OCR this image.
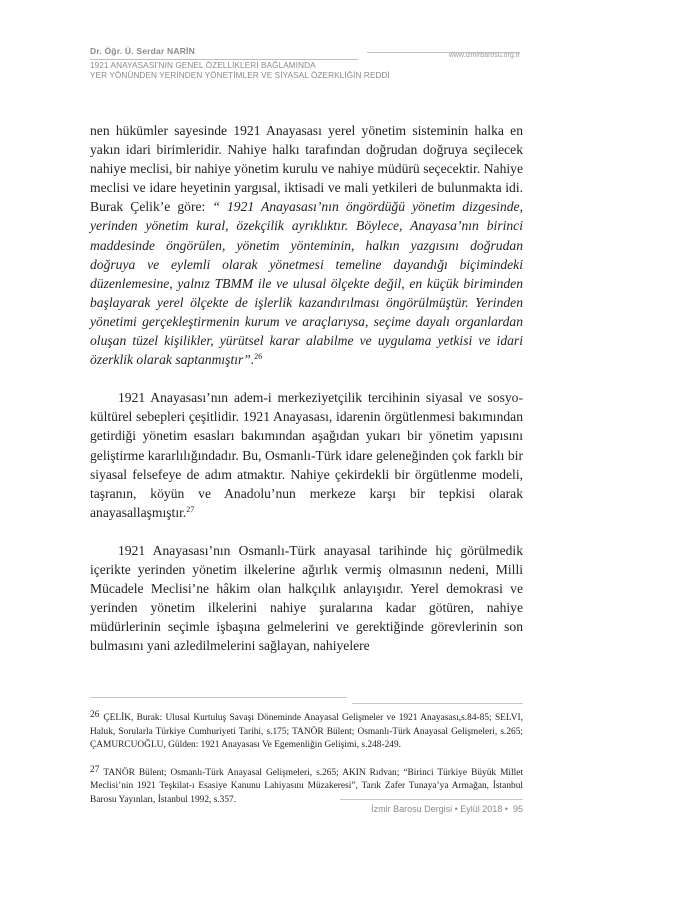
Dr. Öğr. Ü. Serdar NARİN	www.izmirbarosu.org.tr
1921 ANAYASASI’NIN GENEL ÖZELLİKLERİ BAĞLAMINDA
YER YÖNÜNDEN YERİNDEN YÖNETİMLER VE SİYASAL ÖZERKLİĞİN REDDİ

nen hükümler sayesinde 1921 Anayasası yerel yönetim sisteminin halka en yakın idari birimleridir. Nahiye halkı tarafından doğrudan doğruya seçilecek nahiye meclisi, bir nahiye yönetim kurulu ve nahiye müdürü seçecektir. Nahiye meclisi ve idare heyetinin yargısal, iktisadi ve mali yetkileri de bulunmakta idi. Burak Çelik’e göre: “ 1921 Anayasası’nın öngördüğü yönetim dizgesinde, yerinden yönetim kural, özekçilik ayrıklıktır. Böylece, Anayasa’nın birinci maddesinde öngörülen, yönetim yönteminin, halkın yazgısını doğrudan doğruya ve eylemli olarak yönetmesi temeline dayandığı biçimindeki düzenlemesine, yalnız TBMM ile ve ulusal ölçekte değil, en küçük biriminden başlayarak yerel ölçekte de işlerlik kazandırılması öngörülmüştür. Yerinden yönetimi gerçekleştirmenin kurum ve araçlarıysa, seçime dayalı organlardan oluşan tüzel kişilikler, yürütsel karar alabilme ve uygulama yetkisi ve idari özerklik olarak saptanmıştır”.$^{26}$

1921 Anayasası’nın adem-i merkeziyetçilik tercihinin siyasal ve sosyo-kültürel sebepleri çeşitlidir. 1921 Anayasası, idarenin örgütlenmesi bakımından getirdiği yönetim esasları bakımından aşağıdan yukarı bir yönetim yapısını geliştirme kararlılığındadır. Bu, Osmanlı-Türk idare geleneğinden çok farklı bir siyasal felsefeye de adım atmaktır. Nahiye çekirdekli bir örgütlenme modeli, taşranın, köyün ve Anadolu’nun merkeze karşı bir tepkisi olarak anayasallaşmıştır.$^{27}$

1921 Anayasası’nın Osmanlı-Türk anayasal tarihinde hiç görülmedik içerikte yerinden yönetim ilkelerine ağırlık vermiş olmasının nedeni, Milli Mücadele Meclisi’ne hâkim olan halkçılık anlayışıdır. Yerel demokrasi ve yerinden yönetim ilkelerini nahiye şuralarına kadar götüren, nahiye müdürlerinin seçimle işbaşına gelmelerini ve gerektiğinde görevlerinin son bulmasını yani azledilmelerini sağlayan, nahiyelere

26 ÇELİK, Burak: Ulusal Kurtuluş Savaşı Döneminde Anayasal Gelişmeler ve 1921 Anayasası,s.84-85; SELVI, Haluk, Sorularla Türkiye Cumhuriyeti Tarihi, s.175; TANÖR Bülent; Osmanlı-Türk Anayasal Gelişmeleri, s.265; ÇAMURCUOĞLU, Gülden: 1921 Anayasası Ve Egemenliğin Gelişimi, s.248-249.

27 TANÖR Bülent; Osmanlı-Türk Anayasal Gelişmeleri, s.265; AKIN Rıdvan; “Birinci Türkiye Büyük Millet Meclisi’nin 1921 Teşkilat-ı Esasiye Kanunu Lahiyasını Müzakeresi”, Tarık Zafer Tunaya’ya Armağan, İstanbul Barosu Yayınları, İstanbul 1992, s.357.

İzmir Barosu Dergisi • Eylül 2018 • 95
